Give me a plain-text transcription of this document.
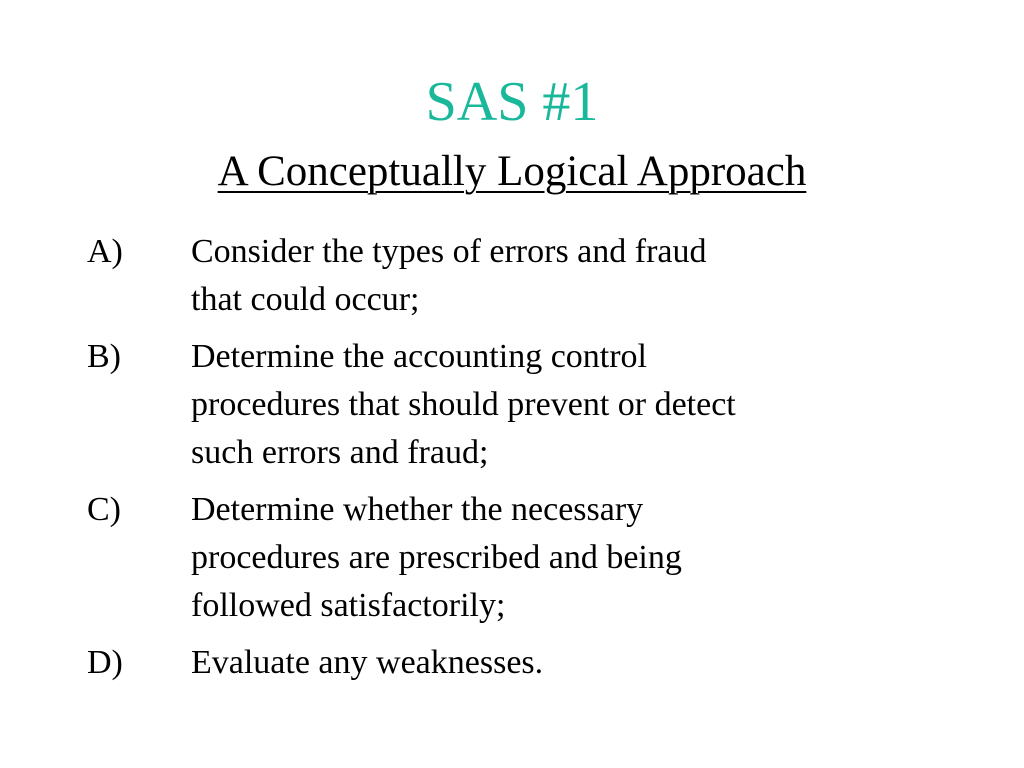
SAS #1
A Conceptually Logical Approach
A)	Consider the types of errors and fraud
that could occur;
B)	Determine the accounting control
procedures that should prevent or detect
such errors and fraud;
C)	Determine whether the necessary
procedures are prescribed and being
followed satisfactorily;
D)	Evaluate any weaknesses.
